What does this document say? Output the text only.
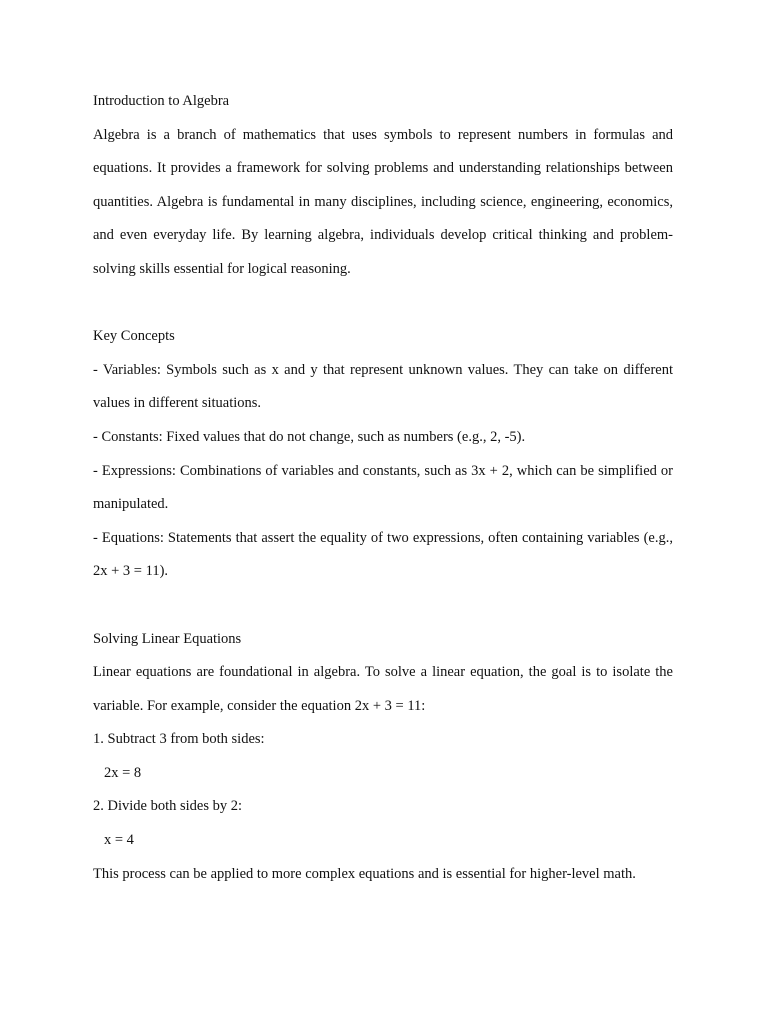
Introduction to Algebra
Algebra is a branch of mathematics that uses symbols to represent numbers in formulas and equations. It provides a framework for solving problems and understanding relationships between quantities. Algebra is fundamental in many disciplines, including science, engineering, economics, and even everyday life. By learning algebra, individuals develop critical thinking and problem-solving skills essential for logical reasoning.
Key Concepts
- Variables: Symbols such as x and y that represent unknown values. They can take on different values in different situations.
- Constants: Fixed values that do not change, such as numbers (e.g., 2, -5).
- Expressions: Combinations of variables and constants, such as 3x + 2, which can be simplified or manipulated.
- Equations: Statements that assert the equality of two expressions, often containing variables (e.g., 2x + 3 = 11).
Solving Linear Equations
Linear equations are foundational in algebra. To solve a linear equation, the goal is to isolate the variable. For example, consider the equation 2x + 3 = 11:
1. Subtract 3 from both sides:
2x = 8
2. Divide both sides by 2:
x = 4
This process can be applied to more complex equations and is essential for higher-level math.
